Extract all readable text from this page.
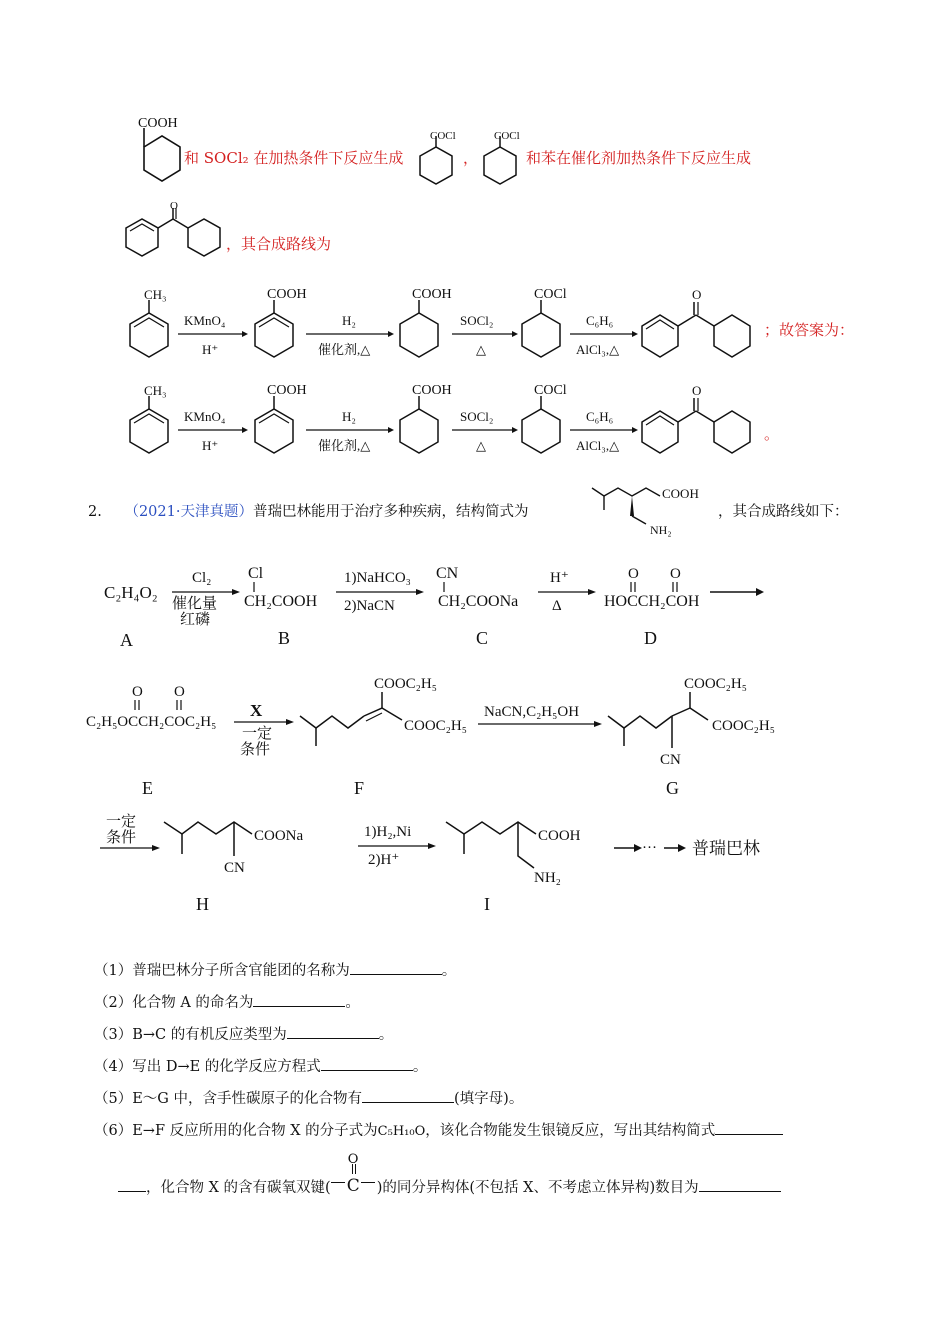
COOH
和 SOCl₂ 在加热条件下反应生成
COCl
，
COCl
和苯在催化剂加热条件下反应生成
O
，其合成路线为
CH₃
KMnO₄
H⁺
COOH
H₂
催化剂,△
COOH
SOCl₂
△
COCl
C₆H₆
AlCl₃,△
O
；故答案为：
CH₃
KMnO₄
H⁺
COOH
H₂
催化剂,△
COOH
SOCl₂
△
COCl
C₆H₆
AlCl₃,△
O
。
2. （2021·天津真题）普瑞巴林能用于治疗多种疾病，结构简式为
COOH
NH₂
，其合成路线如下：
C₂H₄O₂
A
Cl₂
催化量
红磷
Cl
CH₂COOH
B
1)NaHCO₃
2)NaCN
CN
CH₂COONa
C
H⁺
Δ
O O
HOCCH₂COH
D
O O
C₂H₅OCCH₂COC₂H₅
E
X
一定
条件
COOC₂H₅
COOC₂H₅
F
NaCN,C₂H₅OH
COOC₂H₅
COOC₂H₅
CN
G
一定
条件	COONa
CN
H
1)H₂,Ni
2)H⁺
COOH
NH₂
I
··· 普瑞巴林
（1）普瑞巴林分子所含官能团的名称为	。
（2）化合物 A 的命名为	。
（3）B→C 的有机反应类型为	。
（4）写出 D→E 的化学反应方程式	。
（5）E～G 中，含手性碳原子的化合物有	(填字母)。
（6）E→F 反应所用的化合物 X 的分子式为C₅H₁₀O，该化合物能发生银镜反应，写出其结构简式
，化合物 X 的含有碳氧双键(
O
C )的同分异构体(不包括 X、不考虑立体异构)数目为
